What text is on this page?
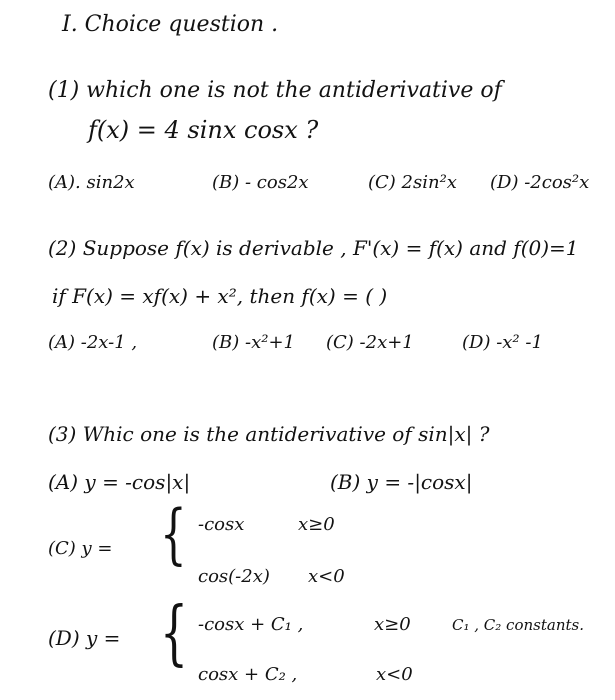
I. Choice question .
(1) which one is not the antiderivative of
f(x) = 4 sinx cosx ?
(A). sin2x	(B) - cos2x	(C) 2sin²x (D) -2cos²x
(2) Suppose f(x) is derivable , F'(x) = f(x) and f(0)=1
if F(x) = xf(x) + x², then f(x) = ( )
(A) -2x-1 ,	(B) -x²+1 (C) -2x+1	(D) -x² -1
(3) Whic one is the antiderivative of sin|x| ?
(A) y = -cos|x|	(B) y = -|cosx|
(C) y = { -cosx	x≥0
cos(-2x) x<0
(D) y = { -cosx + C₁ ,	x≥0	C₁ , C₂ constants.
cosx + C₂ ,	x<0
